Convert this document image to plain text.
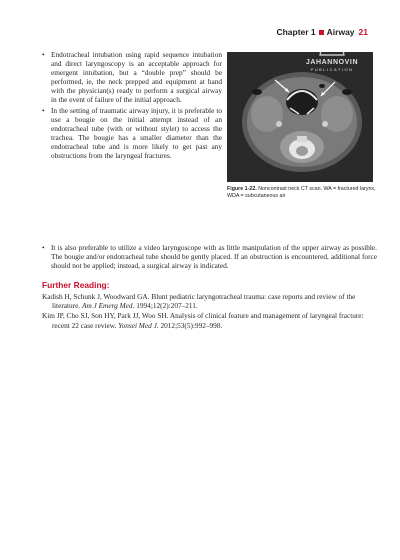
Chapter 1 Airway 21
JAHANNOVIN
PUBLICATION
Figure 1-22. Noncontrast neck CT scan. WA = fractured larynx, WDA = subcutaneous air
• Endotracheal intubation using rapid sequence intubation and direct laryngoscopy is an acceptable approach for emergent intubation, but a “double prep” should be performed, ie, the neck prepped and equipment at hand with the physician(s) ready to perform a surgical airway in the event of failure of the initial approach.
• In the setting of traumatic airway injury, it is preferable to use a bougie on the initial attempt instead of an endotracheal tube (with or without stylet) to access the trachea. The bougie has a smaller diameter than the endotracheal tube and is more likely to get past any obstructions from the laryngeal fractures.
• It is also preferable to utilize a video laryngoscope with as little manipulation of the upper airway as possible. The bougie and/or endotracheal tube should be gently placed. If an obstruction is encountered, additional force should not be applied; instead, a surgical airway is indicated.
Further Reading:
Kadish H, Schunk J, Woodward GA. Blunt pediatric laryngotracheal trauma: case reports and review of the literature. Am J Emerg Med. 1994;12(2):207–211.
Kim JP, Cho SJ, Son HY, Park JJ, Woo SH. Analysis of clinical feature and management of laryngeal fracture: recent 22 case review. Yonsei Med J. 2012;53(5):992–998.
